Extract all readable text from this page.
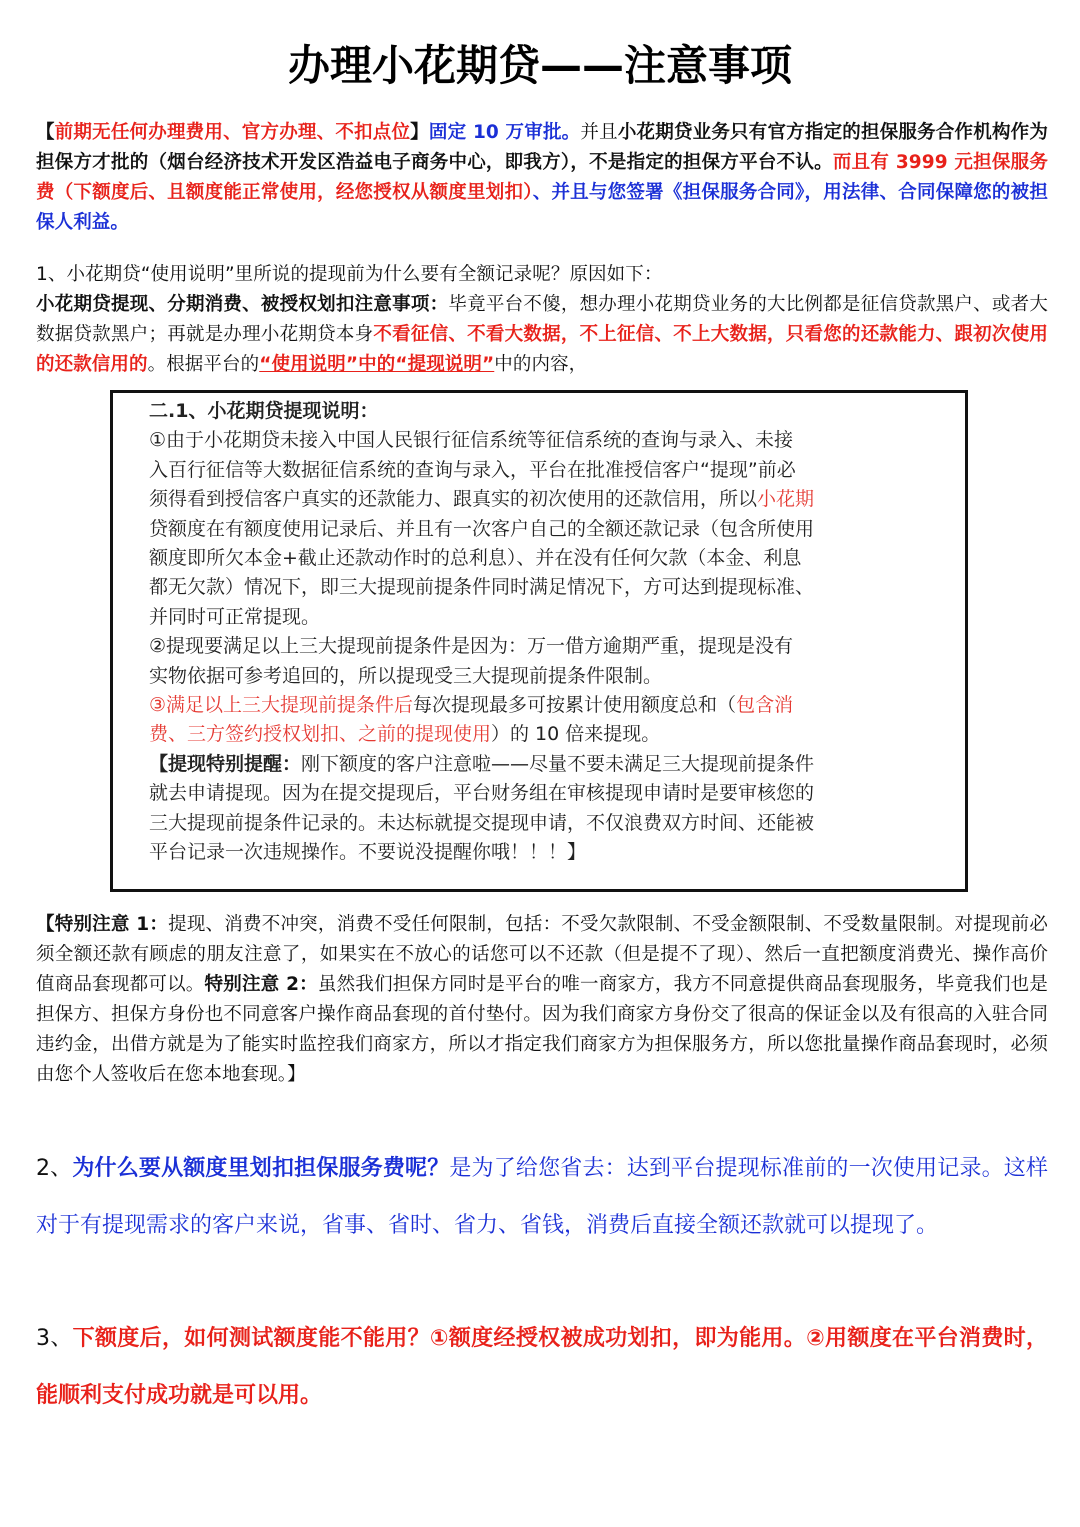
办理小花期贷——注意事项
【前期无任何办理费用、官方办理、不扣点位】固定 10 万审批。并且小花期贷业务只有官方指定的担保服务合作机构作为担保方才批的（烟台经济技术开发区浩益电子商务中心，即我方），不是指定的担保方平台不认。而且有 3999 元担保服务费（下额度后、且额度能正常使用，经您授权从额度里划扣）、并且与您签署《担保服务合同》，用法律、合同保障您的被担保人利益。
1、小花期贷“使用说明”里所说的提现前为什么要有全额记录呢？原因如下：
小花期贷提现、分期消费、被授权划扣注意事项：毕竟平台不傻，想办理小花期贷业务的大比例都是征信贷款黑户、或者大数据贷款黑户；再就是办理小花期贷本身不看征信、不看大数据，不上征信、不上大数据，只看您的还款能力、跟初次使用的还款信用的。根据平台的“使用说明”中的“提现说明”中的内容，
二.1、小花期贷提现说明：
①由于小花期贷未接入中国人民银行征信系统等征信系统的查询与录入、未接
入百行征信等大数据征信系统的查询与录入，平台在批准授信客户“提现”前必
须得看到授信客户真实的还款能力、跟真实的初次使用的还款信用，所以小花期
贷额度在有额度使用记录后、并且有一次客户自己的全额还款记录（包含所使用
额度即所欠本金+截止还款动作时的总利息）、并在没有任何欠款（本金、利息
都无欠款）情况下，即三大提现前提条件同时满足情况下，方可达到提现标准、
并同时可正常提现。
②提现要满足以上三大提现前提条件是因为：万一借方逾期严重，提现是没有
实物依据可参考追回的，所以提现受三大提现前提条件限制。
③满足以上三大提现前提条件后每次提现最多可按累计使用额度总和（包含消
费、三方签约授权划扣、之前的提现使用）的 10 倍来提现。
【提现特别提醒：刚下额度的客户注意啦——尽量不要未满足三大提现前提条件
就去申请提现。因为在提交提现后，平台财务组在审核提现申请时是要审核您的
三大提现前提条件记录的。未达标就提交提现申请，不仅浪费双方时间、还能被
平台记录一次违规操作。不要说没提醒你哦！！！】
【特别注意 1：提现、消费不冲突，消费不受任何限制，包括：不受欠款限制、不受金额限制、不受数量限制。对提现前必须全额还款有顾虑的朋友注意了，如果实在不放心的话您可以不还款（但是提不了现）、然后一直把额度消费光、操作高价值商品套现都可以。特别注意 2：虽然我们担保方同时是平台的唯一商家方，我方不同意提供商品套现服务，毕竟我们也是担保方、担保方身份也不同意客户操作商品套现的首付垫付。因为我们商家方身份交了很高的保证金以及有很高的入驻合同违约金，出借方就是为了能实时监控我们商家方，所以才指定我们商家方为担保服务方，所以您批量操作商品套现时，必须由您个人签收后在您本地套现。】
2、为什么要从额度里划扣担保服务费呢？是为了给您省去：达到平台提现标准前的一次使用记录。这样对于有提现需求的客户来说，省事、省时、省力、省钱，消费后直接全额还款就可以提现了。
3、下额度后，如何测试额度能不能用？①额度经授权被成功划扣，即为能用。②用额度在平台消费时，能顺利支付成功就是可以用。
